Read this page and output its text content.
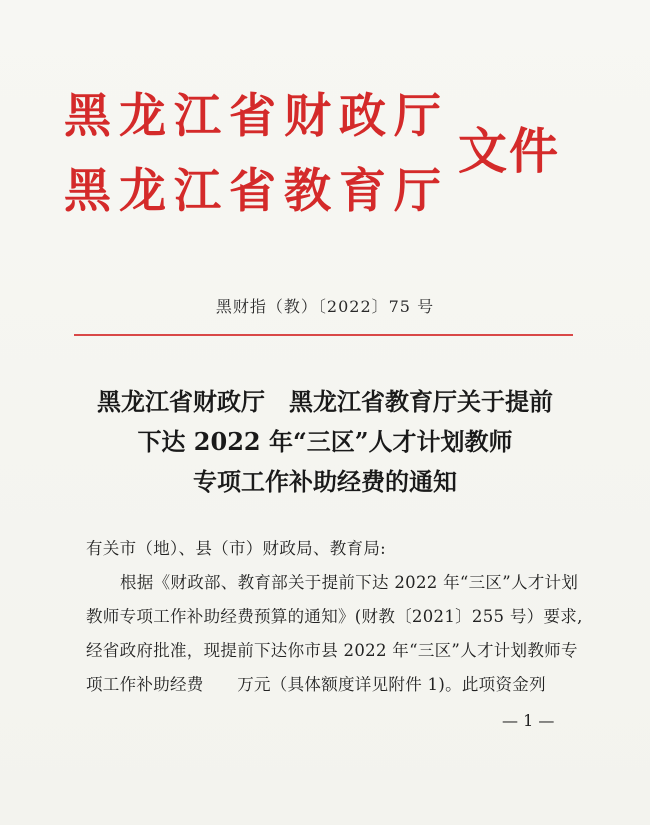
黑龙江省财政厅
黑龙江省教育厅
文件
黑财指（教）〔2022〕75 号
黑龙江省财政厅　黑龙江省教育厅关于提前
下达 2022 年“三区”人才计划教师
专项工作补助经费的通知
有关市（地）、县（市）财政局、教育局:
根据《财政部、教育部关于提前下达 2022 年“三区”人才计划
教师专项工作补助经费预算的通知》(财教〔2021〕255 号）要求,
经省政府批准，现提前下达你市县 2022 年“三区”人才计划教师专
项工作补助经费　　万元（具体额度详见附件 1)。此项资金列
— 1 —
